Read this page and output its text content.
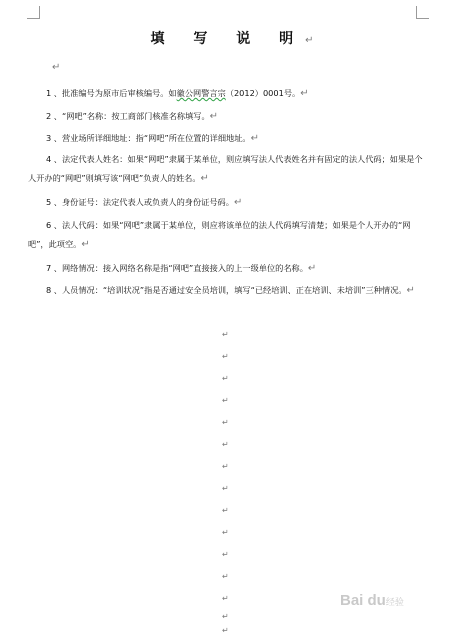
填 写 说 明↵
↵
1 、批准编号为原市后审核编号。如徽公网警言宗（2012）0001号。↵
2 、“网吧”名称：按工商部门核准名称填写。↵
3 、营业场所详细地址：指“网吧”所在位置的详细地址。↵
4 、法定代表人姓名：如果“网吧”隶属于某单位，则应填写法人代表姓名并有固定的法人代码；如果是个人开办的“网吧”则填写该“网吧”负责人的姓名。↵
5 、身份证号：法定代表人或负责人的身份证号码。↵
6 、法人代码：如果“网吧”隶属于某单位，则应将该单位的法人代码填写清楚；如果是个人开办的“网吧”，此项空。↵
7 、网络情况：接入网络名称是指“网吧”直接接入的上一级单位的名称。↵
8 、人员情况：“培训状况”指是否通过安全员培训，填写“已经培训、正在培训、未培训”三种情况。↵
↵
↵
↵
↵
↵
↵
↵
↵
↵
↵
↵
↵
↵
↵
↵
Bai du经验
